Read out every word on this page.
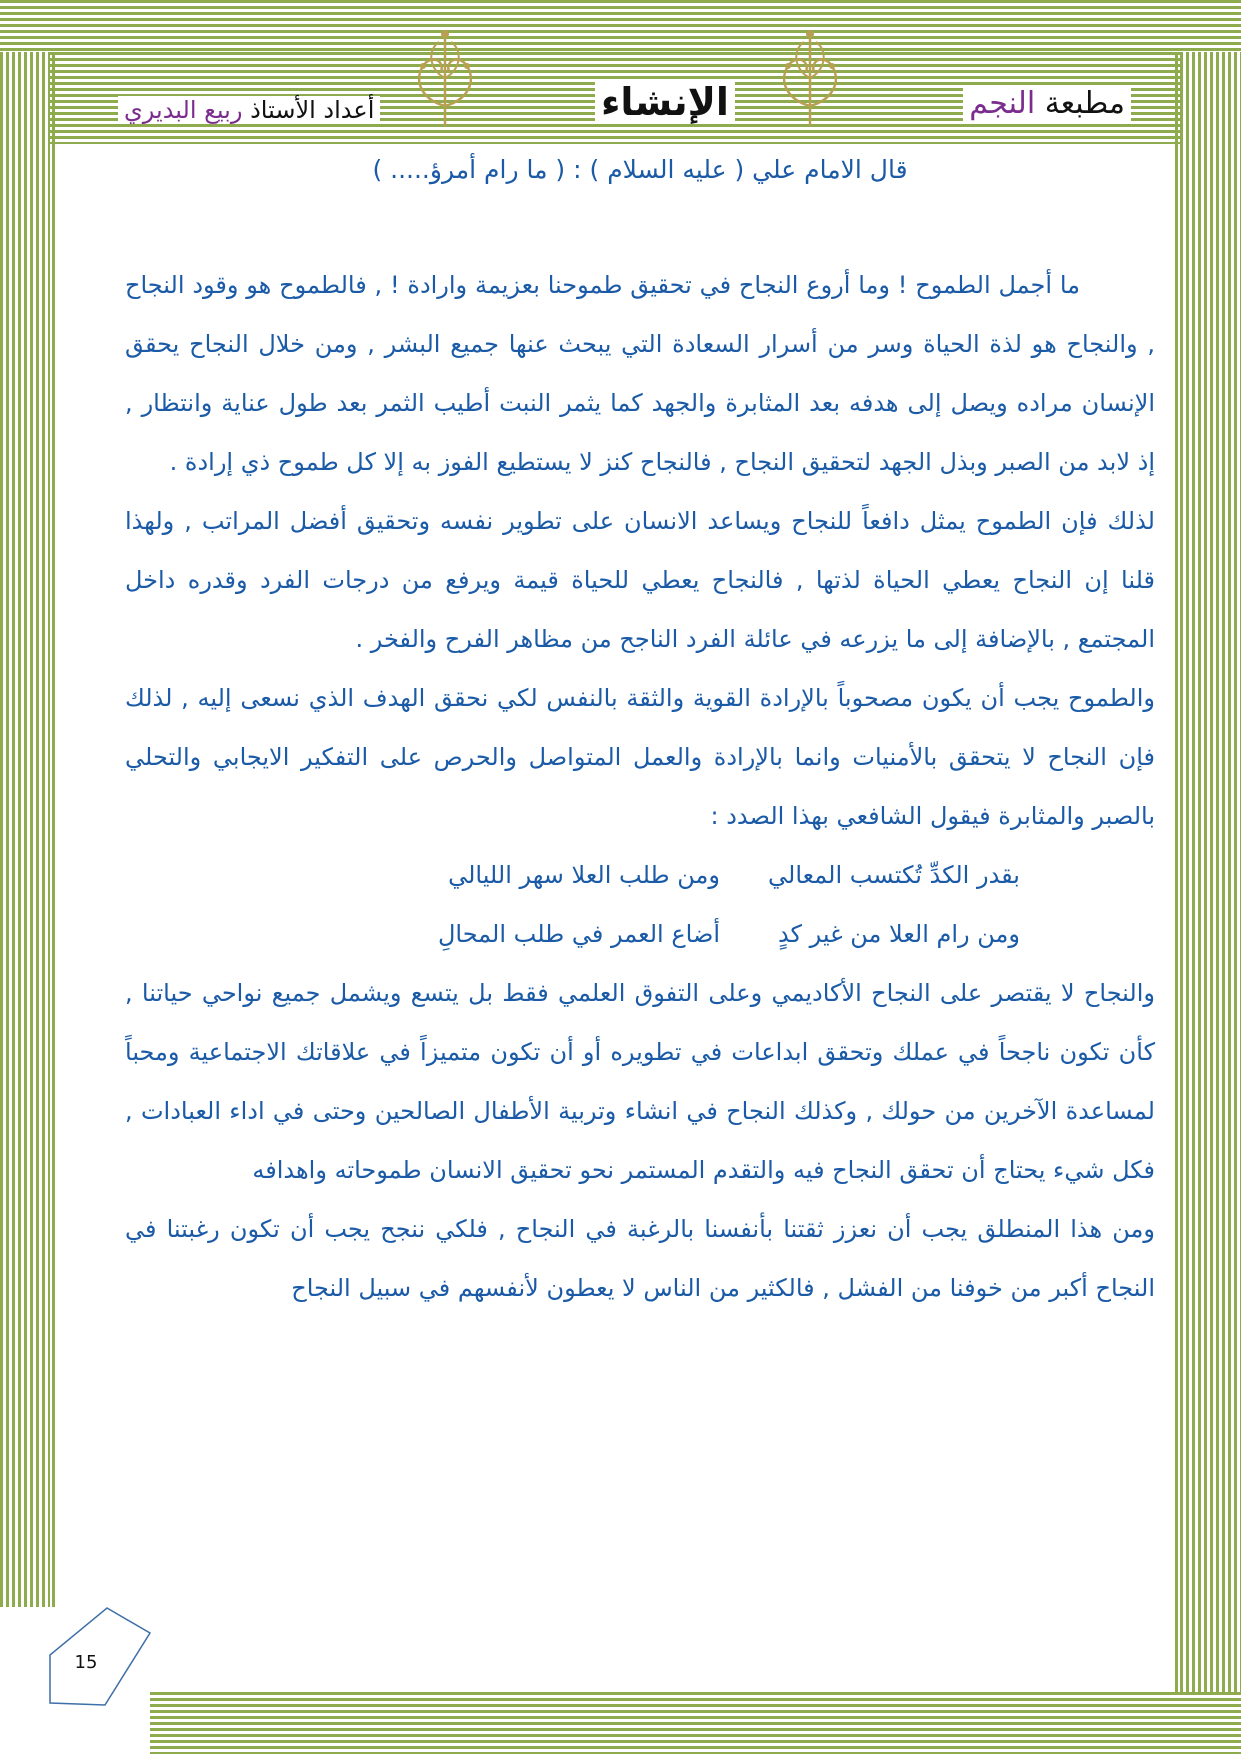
مطبعة النجم
الإنشاء
أعداد الأستاذ ربيع البديري
قال الامام علي ( عليه السلام ) : ( ما رام أمرؤ..... )

ما أجمل الطموح ! وما أروع النجاح في تحقيق طموحنا بعزيمة وارادة ! , فالطموح هو وقود النجاح , والنجاح هو لذة الحياة وسر من أسرار السعادة التي يبحث عنها جميع البشر , ومن خلال النجاح يحقق الإنسان مراده ويصل إلى هدفه بعد المثابرة والجهد كما يثمر النبت أطيب الثمر بعد طول عناية وانتظار , إذ لابد من الصبر وبذل الجهد لتحقيق النجاح , فالنجاح كنز لا يستطيع الفوز به إلا كل طموح ذي إرادة .

لذلك فإن الطموح يمثل دافعاً للنجاح ويساعد الانسان على تطوير نفسه وتحقيق أفضل المراتب , ولهذا قلنا إن النجاح يعطي الحياة لذتها , فالنجاح يعطي للحياة قيمة ويرفع من درجات الفرد وقدره داخل المجتمع , بالإضافة إلى ما يزرعه في عائلة الفرد الناجح من مظاهر الفرح والفخر .

والطموح يجب أن يكون مصحوباً بالإرادة القوية والثقة بالنفس لكي نحقق الهدف الذي نسعى إليه , لذلك فإن النجاح لا يتحقق بالأمنيات وانما بالإرادة والعمل المتواصل والحرص على التفكير الايجابي والتحلي بالصبر والمثابرة فيقول الشافعي بهذا الصدد :

بقدر الكدِّ تُكتسب المعالي
ومن طلب العلا سهر الليالي
ومن رام العلا من غير كدٍ
أضاع العمر في طلب المحالِ

والنجاح لا يقتصر على النجاح الأكاديمي وعلى التفوق العلمي فقط بل يتسع ويشمل جميع نواحي حياتنا , كأن تكون ناجحاً في عملك وتحقق ابداعات في تطويره أو أن تكون متميزاً في علاقاتك الاجتماعية ومحباً لمساعدة الآخرين من حولك , وكذلك النجاح في انشاء وتربية الأطفال الصالحين وحتى في اداء العبادات , فكل شيء يحتاج أن تحقق النجاح فيه والتقدم المستمر نحو تحقيق الانسان طموحاته واهدافه

ومن هذا المنطلق يجب أن نعزز ثقتنا بأنفسنا بالرغبة في النجاح , فلكي ننجح يجب أن تكون رغبتنا في النجاح أكبر من خوفنا من الفشل , فالكثير من الناس لا يعطون لأنفسهم في سبيل النجاح

15
